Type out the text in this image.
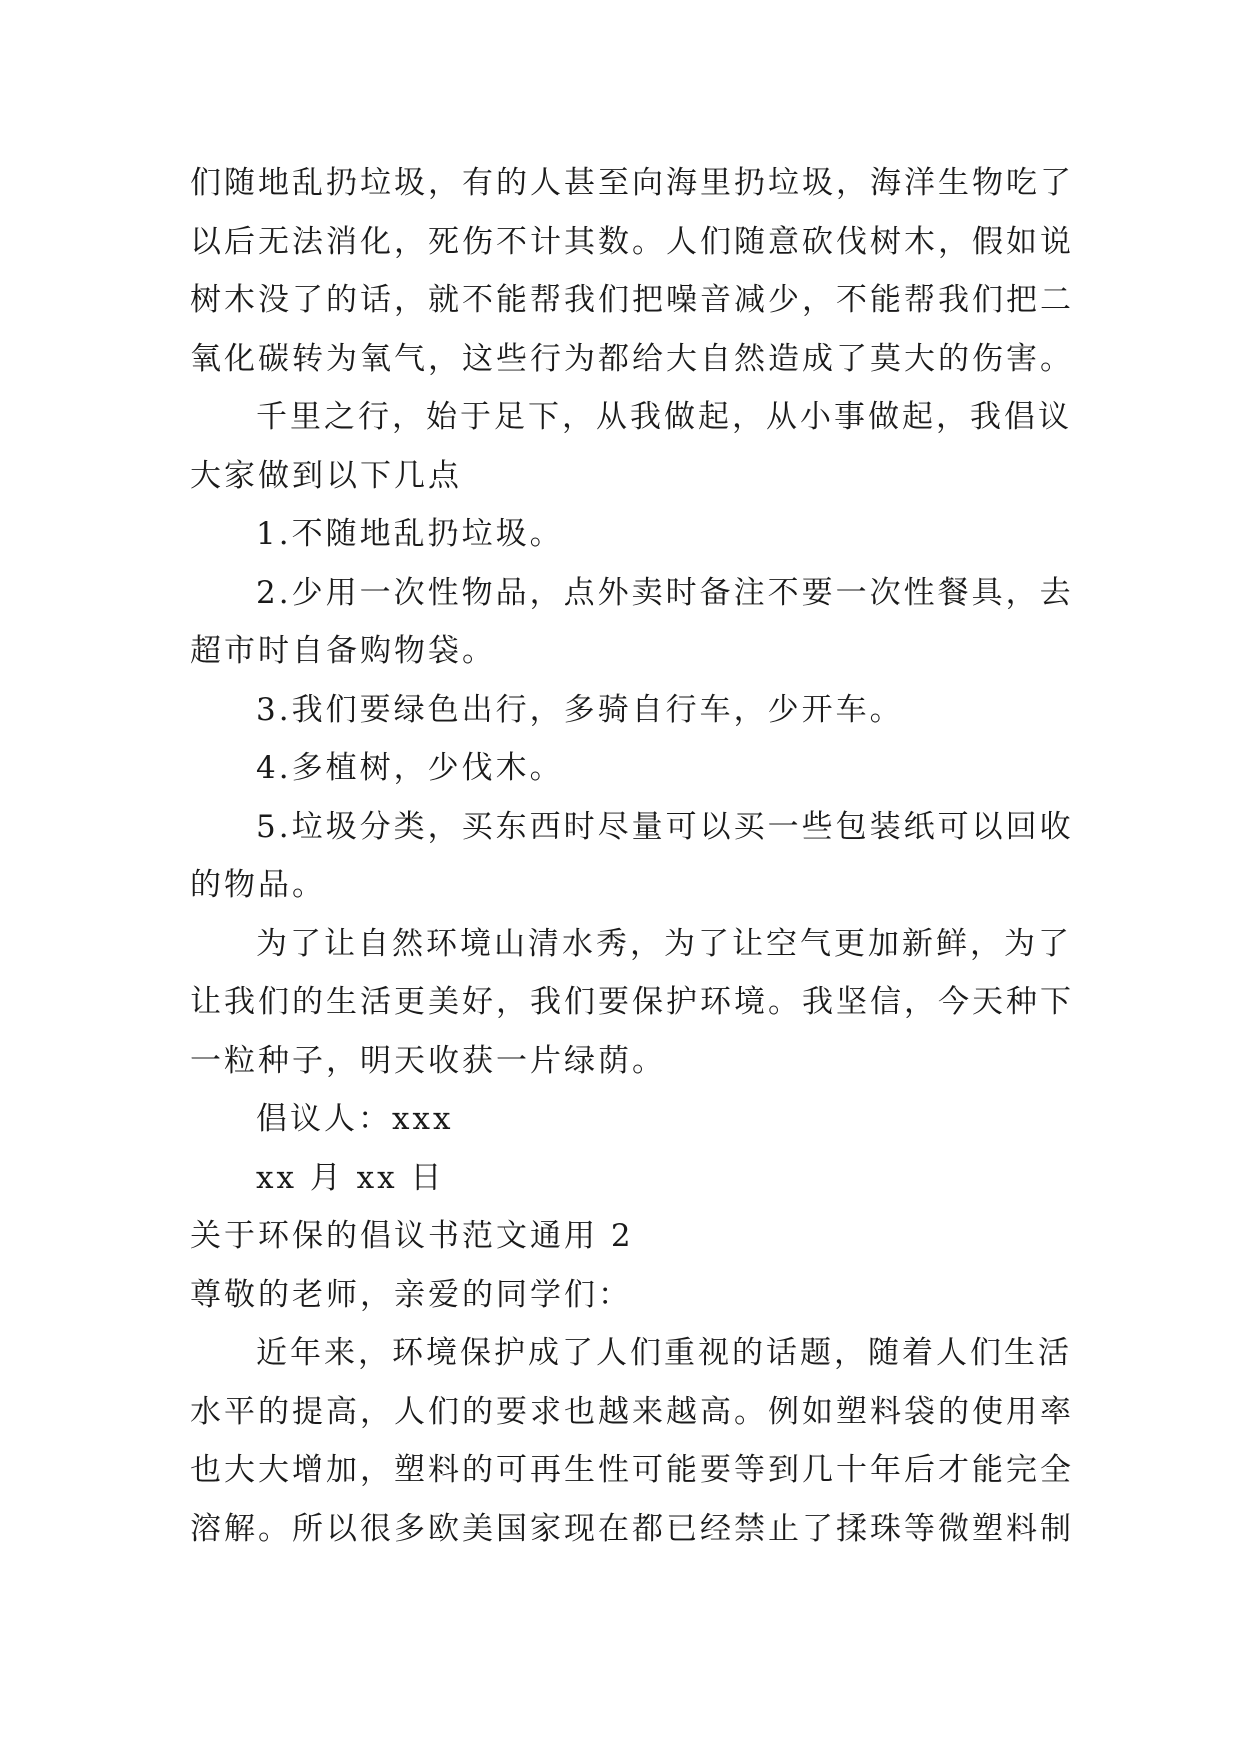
们随地乱扔垃圾，有的人甚至向海里扔垃圾，海洋生物吃了

以后无法消化，死伤不计其数。人们随意砍伐树木，假如说

树木没了的话，就不能帮我们把噪音减少，不能帮我们把二

氧化碳转为氧气，这些行为都给大自然造成了莫大的伤害。

千里之行，始于足下，从我做起，从小事做起，我倡议

大家做到以下几点

1.不随地乱扔垃圾。

2.少用一次性物品，点外卖时备注不要一次性餐具，去

超市时自备购物袋。

3.我们要绿色出行，多骑自行车，少开车。

4.多植树，少伐木。

5.垃圾分类，买东西时尽量可以买一些包装纸可以回收

的物品。

为了让自然环境山清水秀，为了让空气更加新鲜，为了

让我们的生活更美好，我们要保护环境。我坚信，今天种下

一粒种子，明天收获一片绿荫。

倡议人：xxx

xx 月 xx 日

关于环保的倡议书范文通用 2

尊敬的老师，亲爱的同学们：

近年来，环境保护成了人们重视的话题，随着人们生活

水平的提高，人们的要求也越来越高。例如塑料袋的使用率

也大大增加，塑料的可再生性可能要等到几十年后才能完全

溶解。所以很多欧美国家现在都已经禁止了揉珠等微塑料制
